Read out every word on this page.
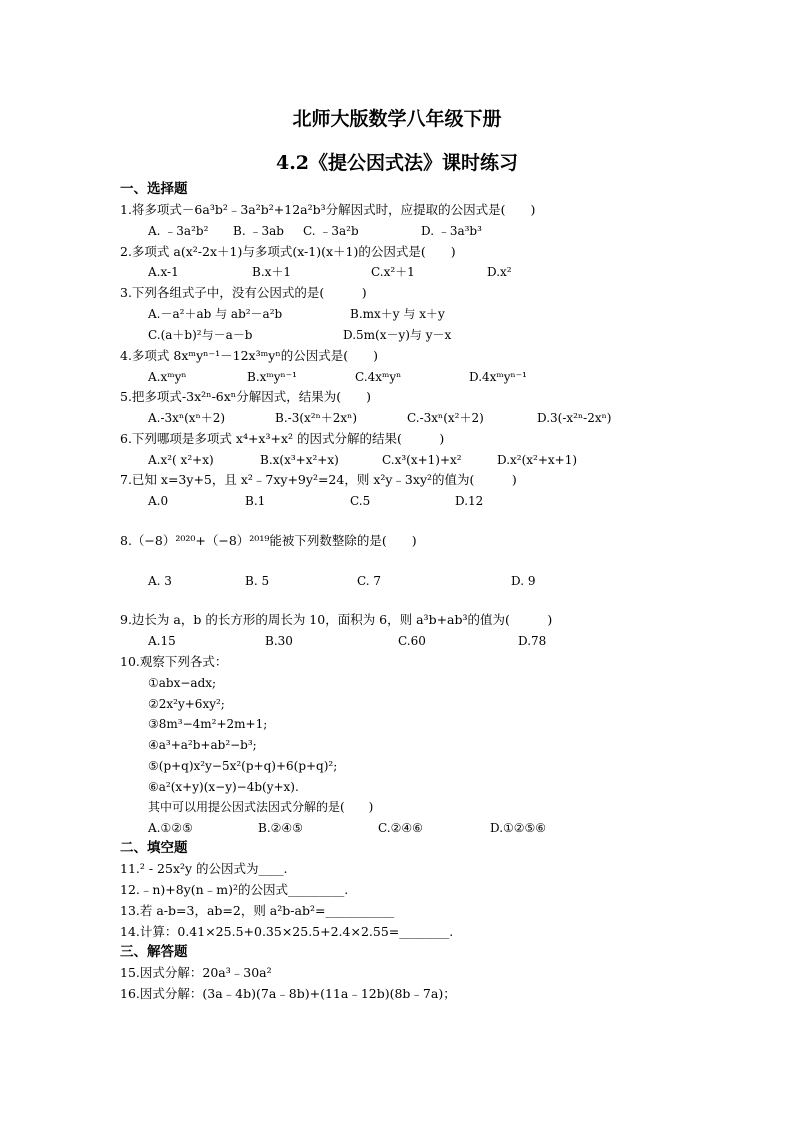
北师大版数学八年级下册
4.2《提公因式法》课时练习
一、选择题
1.将多项式－6a³b²﹣3a²b²+12a²b³分解因式时，应提取的公因式是(　　)
A. ﹣3a²b² B. ﹣3ab C. ﹣3a²b	D. ﹣3a³b³
2.多项式 a(x²-2x＋1)与多项式(x-1)(x＋1)的公因式是(　　)
A.x-1	B.x＋1	C.x²＋1	D.x²
3.下列各组式子中，没有公因式的是(　　　)
A.－a²＋ab 与 ab²－a²b	B.mx＋y 与 x＋y
C.(a＋b)²与－a－b	D.5m(x－y)与 y－x
4.多项式 8xᵐyⁿ⁻¹－12x³ᵐyⁿ的公因式是(　　)
A.xᵐyⁿ	B.xᵐyⁿ⁻¹	C.4xᵐyⁿ	D.4xᵐyⁿ⁻¹
5.把多项式-3x²ⁿ-6xⁿ分解因式，结果为(　　)
A.-3xⁿ(xⁿ＋2)	B.-3(x²ⁿ＋2xⁿ)	C.-3xⁿ(x²＋2)	D.3(-x²ⁿ-2xⁿ)
6.下列哪项是多项式 x⁴+x³+x² 的因式分解的结果(　　　)
A.x²( x²+x)	B.x(x³+x²+x)	C.x³(x+1)+x²	D.x²(x²+x+1)
7.已知 x=3y+5，且 x²﹣7xy+9y²=24，则 x²y﹣3xy²的值为(　　　)
A.0	B.1	C.5	D.12
8.（−8）²⁰²⁰+（−8）²⁰¹⁹能被下列数整除的是(　　)
A. 3	B. 5	C. 7	D. 9
9.边长为 a，b 的长方形的周长为 10，面积为 6，则 a³b+ab³的值为(　　　)
A.15	B.30	C.60	D.78
10.观察下列各式：
①abx−adx;
②2x²y+6xy²;
③8m³−4m²+2m+1;
④a³+a²b+ab²−b³;
⑤(p+q)x²y−5x²(p+q)+6(p+q)²;
⑥a²(x+y)(x−y)−4b(y+x).
其中可以用提公因式法因式分解的是(　　)
A.①②⑤	B.②④⑤	C.②④⑥	D.①②⑤⑥
二、填空题
11.² - 25x²y 的公因式为____.
12.﹣n)+8y(n﹣m)²的公因式_________.
13.若 a-b=3，ab=2，则 a²b-ab²=___________
14.计算：0.41×25.5+0.35×25.5+2.4×2.55=________.
三、解答题
15.因式分解：20a³﹣30a²
16.因式分解：(3a﹣4b)(7a﹣8b)+(11a﹣12b)(8b﹣7a)；
